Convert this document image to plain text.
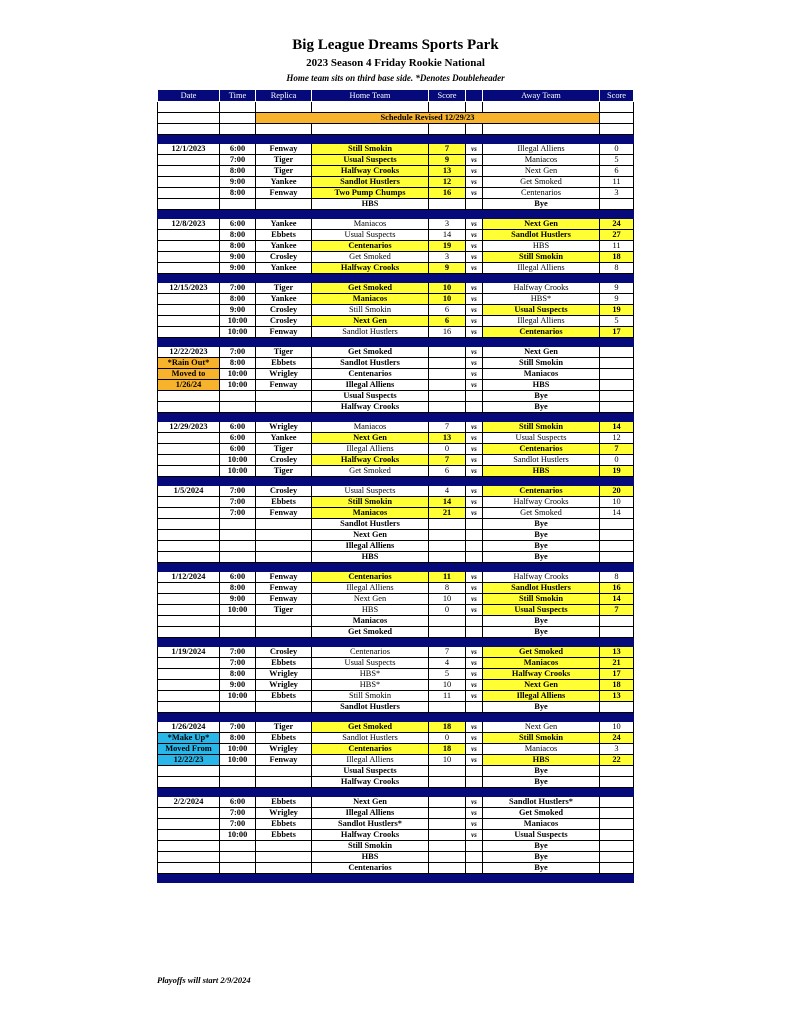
Big League Dreams Sports Park
2023 Season 4 Friday Rookie National
Home team sits on third base side. *Denotes Doubleheader
Date	Time	Replica	Home Team	Score		Away Team	Score

		Schedule Revised 12/29/23					

12/1/2023	6:00	Fenway	Still Smokin	7	vs	Illegal Alliens	0
	7:00	Tiger	Usual Suspects	9	vs	Maniacos	5
	8:00	Tiger	Halfway Crooks	13	vs	Next Gen	6
	9:00	Yankee	Sandlot Hustlers	12	vs	Get Smoked	11
	8:00	Fenway	Two Pump Chumps	16	vs	Centenarios	3
			HBS			Bye	

12/8/2023	6:00	Yankee	Maniacos	3	vs	Next Gen	24
	8:00	Ebbets	Usual Suspects	14	vs	Sandlot Hustlers	27
	8:00	Yankee	Centenarios	19	vs	HBS	11
	9:00	Crosley	Get Smoked	3	vs	Still Smokin	18
	9:00	Yankee	Halfway Crooks	9	vs	Illegal Alliens	8

12/15/2023	7:00	Tiger	Get Smoked	10	vs	Halfway Crooks	9
	8:00	Yankee	Maniacos	10	vs	HBS*	9
	9:00	Crosley	Still Smokin	6	vs	Usual Suspects	19
	10:00	Crosley	Next Gen	6	vs	Illegal Alliens	5
	10:00	Fenway	Sandlot Hustlers	16	vs	Centenarios	17

12/22/2023	7:00	Tiger	Get Smoked		vs	Next Gen	
*Rain Out*	8:00	Ebbets	Sandlot Hustlers		vs	Still Smokin	
Moved to	10:00	Wrigley	Centenarios		vs	Maniacos	
1/26/24	10:00	Fenway	Illegal Alliens		vs	HBS	
			Usual Suspects			Bye	
			Halfway Crooks			Bye	

12/29/2023	6:00	Wrigley	Maniacos	7	vs	Still Smokin	14
	6:00	Yankee	Next Gen	13	vs	Usual Suspects	12
	6:00	Tiger	Illegal Alliens	0	vs	Centenarios	7
	10:00	Crosley	Halfway Crooks	7	vs	Sandlot Hustlers	0
	10:00	Tiger	Get Smoked	6	vs	HBS	19

1/5/2024	7:00	Crosley	Usual Suspects	4	vs	Centenarios	20
	7:00	Ebbets	Still Smokin	14	vs	Halfway Crooks	10
	7:00	Fenway	Maniacos	21	vs	Get Smoked	14
			Sandlot Hustlers			Bye	
			Next Gen			Bye	
			Illegal Alliens			Bye	
			HBS			Bye	

1/12/2024	6:00	Fenway	Centenarios	11	vs	Halfway Crooks	8
	8:00	Fenway	Illegal Alliens	8	vs	Sandlot Hustlers	16
	9:00	Fenway	Next Gen	10	vs	Still Smokin	14
	10:00	Tiger	HBS	0	vs	Usual Suspects	7
			Maniacos			Bye	
			Get Smoked			Bye	

1/19/2024	7:00	Crosley	Centenarios	7	vs	Get Smoked	13
	7:00	Ebbets	Usual Suspects	4	vs	Maniacos	21
	8:00	Wrigley	HBS*	5	vs	Halfway Crooks	17
	9:00	Wrigley	HBS*	10	vs	Next Gen	18
	10:00	Ebbets	Still Smokin	11	vs	Illegal Alliens	13
			Sandlot Hustlers			Bye	

1/26/2024	7:00	Tiger	Get Smoked	18	vs	Next Gen	10
*Make Up*	8:00	Ebbets	Sandlot Hustlers	0	vs	Still Smokin	24
Moved From	10:00	Wrigley	Centenarios	18	vs	Maniacos	3
12/22/23	10:00	Fenway	Illegal Alliens	10	vs	HBS	22
			Usual Suspects			Bye	
			Halfway Crooks			Bye	

2/2/2024	6:00	Ebbets	Next Gen		vs	Sandlot Hustlers*	
	7:00	Wrigley	Illegal Alliens		vs	Get Smoked	
	7:00	Ebbets	Sandlot Hustlers*		vs	Maniacos	
	10:00	Ebbets	Halfway Crooks		vs	Usual Suspects	
			Still Smokin			Bye	
			HBS			Bye	
			Centenarios			Bye	

Playoffs will start 2/9/2024
